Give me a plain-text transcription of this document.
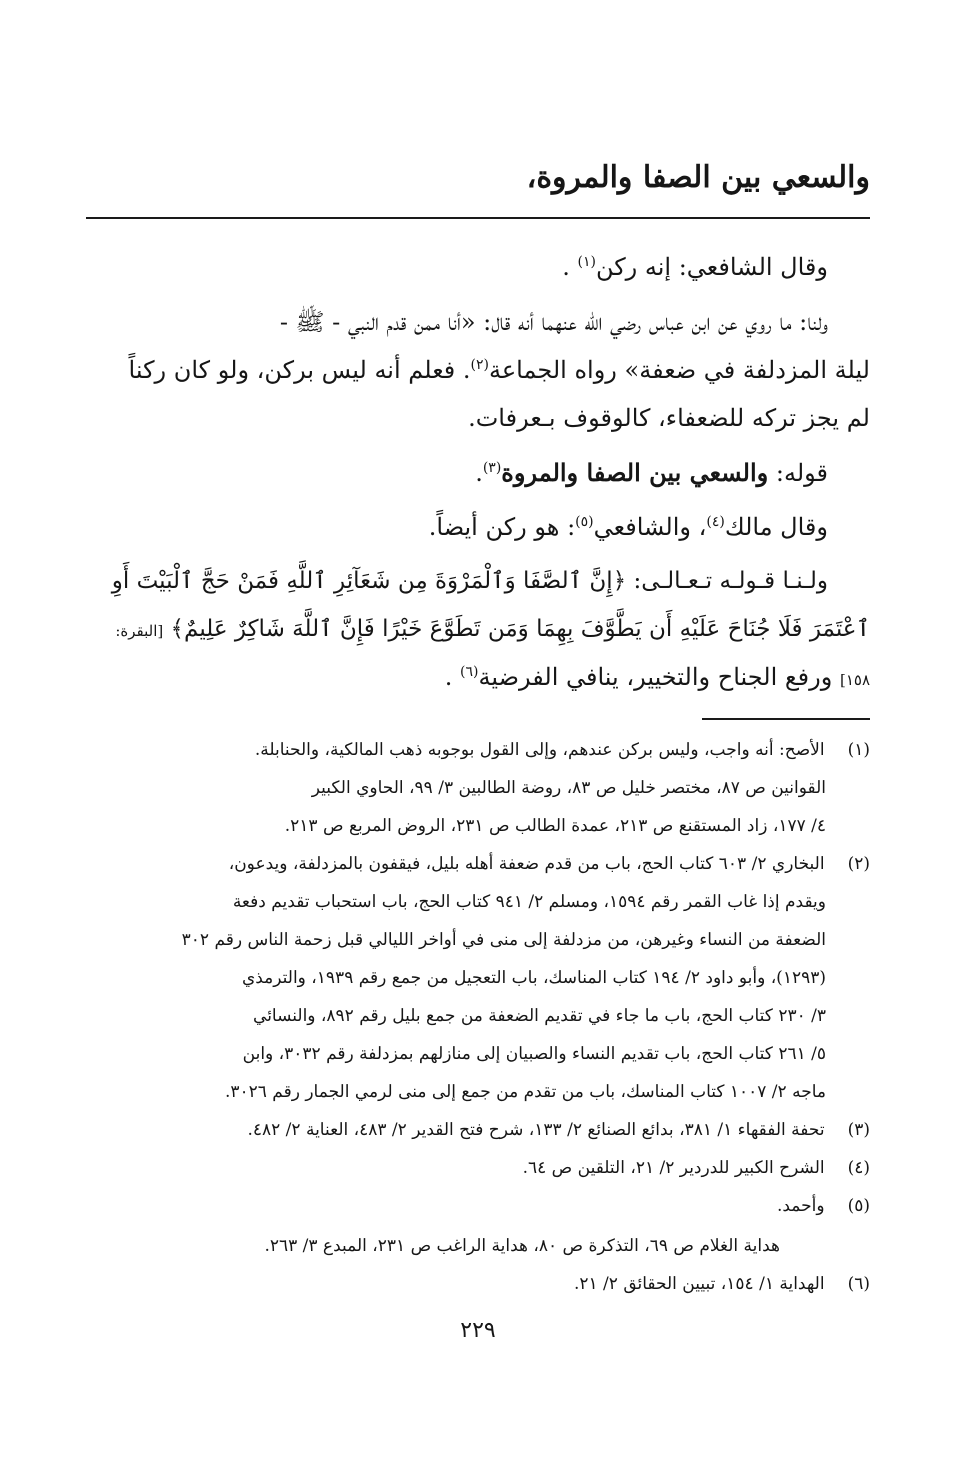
والسعي بين الصفا والمروة،
وقال الشافعي: إنه ركن$^{(١)}$ .
ولنا: ما روي عن ابن عباس رضي الله عنهما أنه قال: «أنا ممن قدم النبي - ﷺ -
ليلة المزدلفة في ضعفة» رواه الجماعة$^{(٢)}$. فعلم أنه ليس بركن، ولو كان ركناً
لم يجز تركه للضعفاء، كالوقوف بـعرفات.
قوله: والسعي بين الصفا والمروة$^{(٣)}$.
وقال مالك$^{(٤)}$، والشافعي$^{(٥)}$: هو ركن أيضاً.
ولـنـا قـولـه تـعـالـى: ﴿إِنَّ ٱلصَّفَا وَٱلْمَرْوَةَ مِن شَعَآئِرِ ٱللَّهِ فَمَنْ حَجَّ ٱلْبَيْتَ أَوِ
ٱعْتَمَرَ فَلَا جُنَاحَ عَلَيْهِ أَن يَطَّوَّفَ بِهِمَا وَمَن تَطَوَّعَ خَيْرًا فَإِنَّ ٱللَّهَ شَاكِرٌ عَلِيمٌ﴾ [البقرة:
١٥٨] ورفع الجناح والتخيير، ينافي الفرضية$^{(٦)}$ .
(١) الأصح: أنه واجب، وليس بركن عندهم، وإلى القول بوجوبه ذهب المالكية، والحنابلة.
القوانين ص ٨٧، مختصر خليل ص ٨٣، روضة الطالبين ٣/ ٩٩، الحاوي الكبير
٤/ ١٧٧، زاد المستقنع ص ٢١٣، عمدة الطالب ص ٢٣١، الروض المربع ص ٢١٣.
(٢) البخاري ٢/ ٦٠٣ كتاب الحج، باب من قدم ضعفة أهله بليل، فيقفون بالمزدلفة، ويدعون،
ويقدم إذا غاب القمر رقم ١٥٩٤، ومسلم ٢/ ٩٤١ كتاب الحج، باب استحباب تقديم دفعة
الضعفة من النساء وغيرهن، من مزدلفة إلى منى في أواخر الليالي قبل زحمة الناس رقم ٣٠٢
(١٢٩٣)، وأبو داود ٢/ ١٩٤ كتاب المناسك، باب التعجيل من جمع رقم ١٩٣٩، والترمذي
٣/ ٢٣٠ كتاب الحج، باب ما جاء في تقديم الضعفة من جمع بليل رقم ٨٩٢، والنسائي
٥/ ٢٦١ كتاب الحج، باب تقديم النساء والصبيان إلى منازلهم بمزدلفة رقم ٣٠٣٢، وابن
ماجه ٢/ ١٠٠٧ كتاب المناسك، باب من تقدم من جمع إلى منى لرمي الجمار رقم ٣٠٢٦.
(٣) تحفة الفقهاء ١/ ٣٨١، بدائع الصنائع ٢/ ١٣٣، شرح فتح القدير ٢/ ٤٨٣، العناية ٢/ ٤٨٢.
(٤) الشرح الكبير للدردير ٢/ ٢١، التلقين ص ٦٤.
(٥) وأحمد.
هداية الغلام ص ٦٩، التذكرة ص ٨٠، هداية الراغب ص ٢٣١، المبدع ٣/ ٢٦٣.
(٦) الهداية ١/ ١٥٤، تبيين الحقائق ٢/ ٢١.
٢٢٩
